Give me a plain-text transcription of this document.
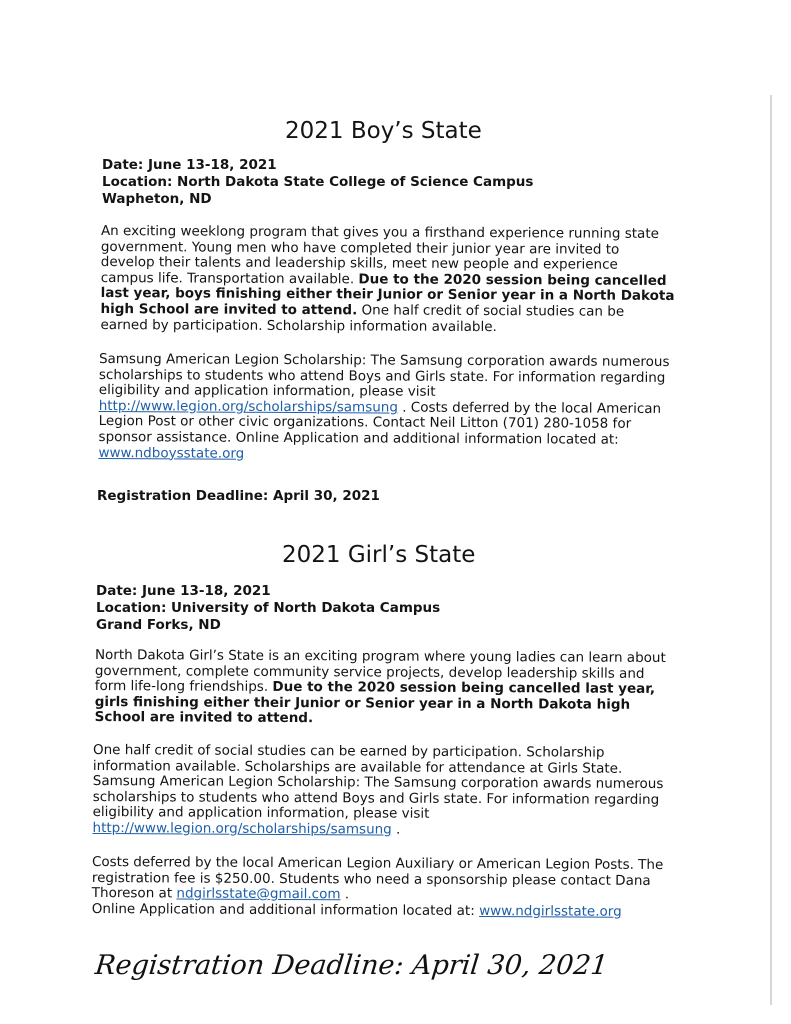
2021 Boy’s State
Date: June 13-18, 2021
Location: North Dakota State College of Science Campus
Wapheton, ND
An exciting weeklong program that gives you a firsthand experience running state
government. Young men who have completed their junior year are invited to
develop their talents and leadership skills, meet new people and experience
campus life. Transportation available. Due to the 2020 session being cancelled
last year, boys finishing either their Junior or Senior year in a North Dakota
high School are invited to attend. One half credit of social studies can be
earned by participation. Scholarship information available.
Samsung American Legion Scholarship: The Samsung corporation awards numerous
scholarships to students who attend Boys and Girls state. For information regarding
eligibility and application information, please visit
http://www.legion.org/scholarships/samsung . Costs deferred by the local American
Legion Post or other civic organizations. Contact Neil Litton (701) 280-1058 for
sponsor assistance. Online Application and additional information located at:
www.ndboysstate.org
Registration Deadline: April 30, 2021
2021 Girl’s State
Date: June 13-18, 2021
Location: University of North Dakota Campus
Grand Forks, ND
North Dakota Girl’s State is an exciting program where young ladies can learn about
government, complete community service projects, develop leadership skills and
form life-long friendships. Due to the 2020 session being cancelled last year,
girls finishing either their Junior or Senior year in a North Dakota high
School are invited to attend.
One half credit of social studies can be earned by participation. Scholarship
information available. Scholarships are available for attendance at Girls State.
Samsung American Legion Scholarship: The Samsung corporation awards numerous
scholarships to students who attend Boys and Girls state. For information regarding
eligibility and application information, please visit
http://www.legion.org/scholarships/samsung .
Costs deferred by the local American Legion Auxiliary or American Legion Posts. The
registration fee is $250.00. Students who need a sponsorship please contact Dana
Thoreson at ndgirlsstate@gmail.com .
Online Application and additional information located at: www.ndgirlsstate.org
Registration Deadline: April 30, 2021
